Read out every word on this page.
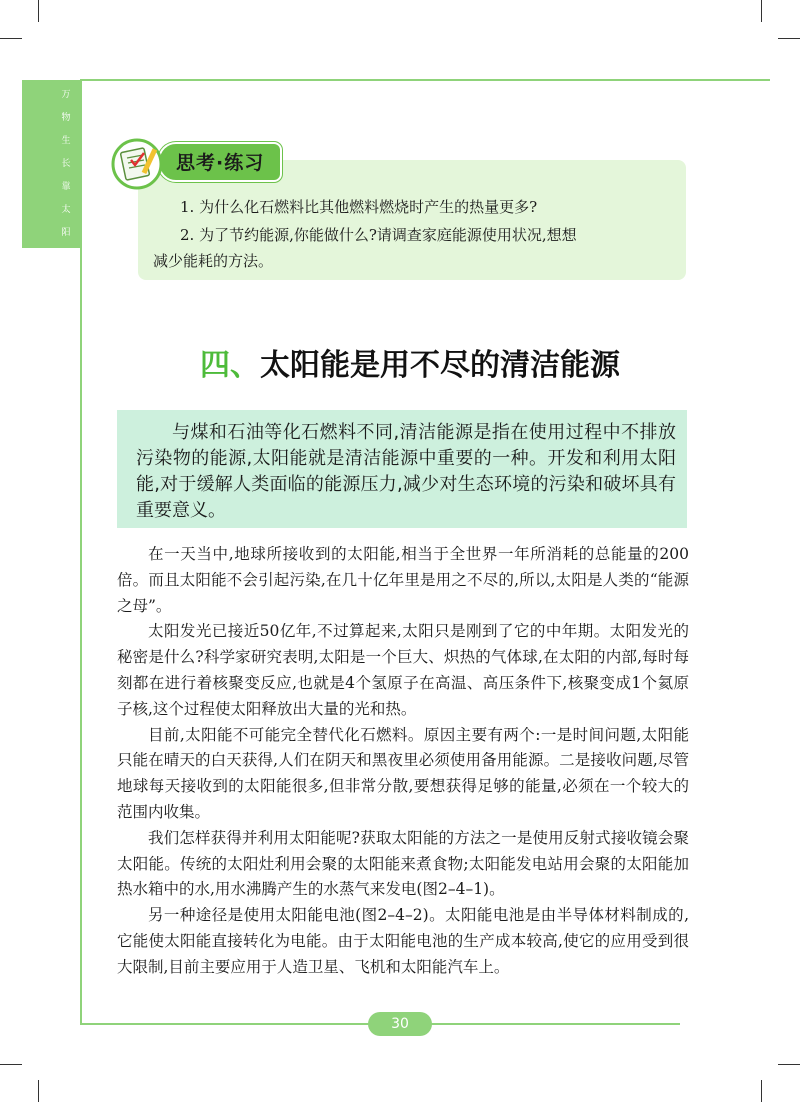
万
物
生
长
靠
太
阳
思考·练习
1. 为什么化石燃料比其他燃料燃烧时产生的热量更多?
2. 为了节约能源,你能做什么?请调查家庭能源使用状况,想想
减少能耗的方法。
四、太阳能是用不尽的清洁能源
与煤和石油等化石燃料不同,清洁能源是指在使用过程中不排放污染物的能源,太阳能就是清洁能源中重要的一种。开发和利用太阳能,对于缓解人类面临的能源压力,减少对生态环境的污染和破坏具有重要意义。

在一天当中,地球所接收到的太阳能,相当于全世界一年所消耗的总能量的200倍。而且太阳能不会引起污染,在几十亿年里是用之不尽的,所以,太阳是人类的“能源之母”。

太阳发光已接近50亿年,不过算起来,太阳只是刚到了它的中年期。太阳发光的秘密是什么?科学家研究表明,太阳是一个巨大、炽热的气体球,在太阳的内部,每时每刻都在进行着核聚变反应,也就是4个氢原子在高温、高压条件下,核聚变成1个氦原子核,这个过程使太阳释放出大量的光和热。

目前,太阳能不可能完全替代化石燃料。原因主要有两个:一是时间问题,太阳能只能在晴天的白天获得,人们在阴天和黑夜里必须使用备用能源。二是接收问题,尽管地球每天接收到的太阳能很多,但非常分散,要想获得足够的能量,必须在一个较大的范围内收集。

我们怎样获得并利用太阳能呢?获取太阳能的方法之一是使用反射式接收镜会聚太阳能。传统的太阳灶利用会聚的太阳能来煮食物;太阳能发电站用会聚的太阳能加热水箱中的水,用水沸腾产生的水蒸气来发电(图2–4–1)。

另一种途径是使用太阳能电池(图2–4–2)。太阳能电池是由半导体材料制成的,它能使太阳能直接转化为电能。由于太阳能电池的生产成本较高,使它的应用受到很大限制,目前主要应用于人造卫星、飞机和太阳能汽车上。

30
